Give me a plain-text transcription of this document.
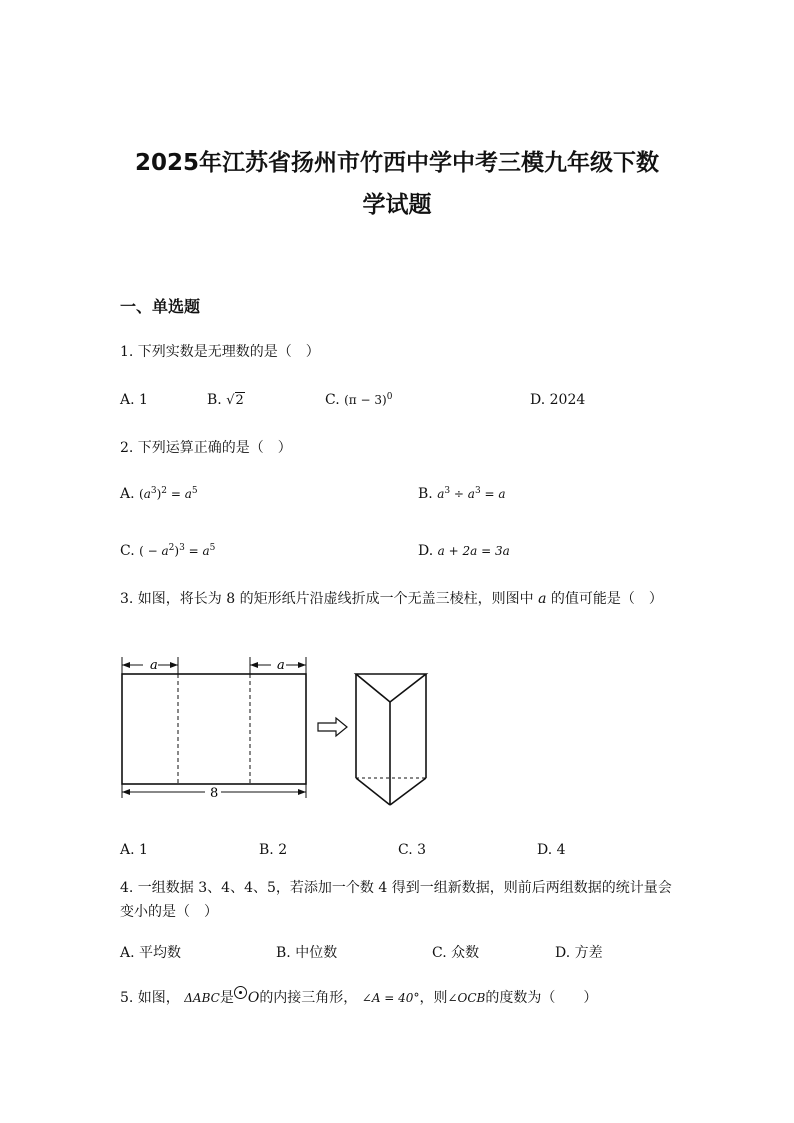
2025年江苏省扬州市竹西中学中考三模九年级下数
学试题
一、单选题
1. 下列实数是无理数的是（　）
A. 1	B. √2	C. $(\pi - 3)^0$	D. 2024
2. 下列运算正确的是（　）
A. $(a^3)^2 = a^5$	B. $a^3 \div a^3 = a$
C. ( − $a^2)^3 = a^5$	D. a + 2a = 3a
3. 如图，将长为 8 的矩形纸片沿虚线折成一个无盖三棱柱，则图中 a 的值可能是（　）
a	a
8
A. 1	B. 2	C. 3	D. 4
4. 一组数据 3、4、4、5，若添加一个数 4 得到一组新数据，则前后两组数据的统计量会变小的是（　）
A. 平均数	B. 中位数	C. 众数	D. 方差
5. 如图， ΔABC是 O的内接三角形， ∠A = 40°，则∠OCB的度数为（　　）
